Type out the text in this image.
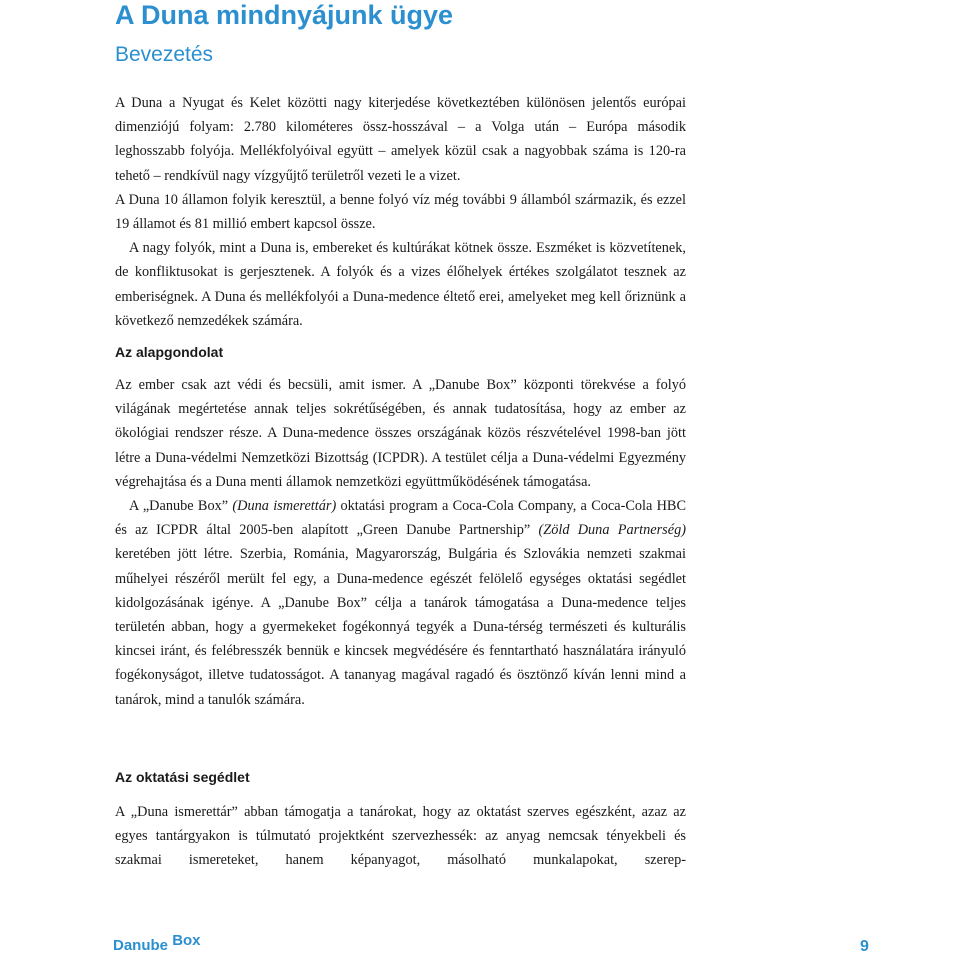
A Duna mindnyájunk ügye
Bevezetés

A Duna a Nyugat és Kelet közötti nagy kiterjedése következtében különösen jelentős európai dimenziójú folyam: 2.780 kilométeres össz-hosszával – a Volga után – Európa második leghosszabb folyója. Mellékfolyóival együtt – amelyek közül csak a nagyobbak száma is 120-ra tehető – rendkívül nagy vízgyűjtő területről vezeti le a vizet.

A Duna 10 államon folyik keresztül, a benne folyó víz még további 9 államból származik, és ezzel 19 államot és 81 millió embert kapcsol össze.

A nagy folyók, mint a Duna is, embereket és kultúrákat kötnek össze. Eszméket is közvetítenek, de konfliktusokat is gerjesztenek. A folyók és a vizes élőhelyek értékes szolgálatot tesznek az emberiségnek. A Duna és mellékfolyói a Duna-medence éltető erei, amelyeket meg kell őriznünk a következő nemzedékek számára.

Az alapgondolat

Az ember csak azt védi és becsüli, amit ismer. A „Danube Box” központi törekvése a folyó világának megértetése annak teljes sokrétűségében, és annak tudatosítása, hogy az ember az ökológiai rendszer része. A Duna-medence összes országának közös részvételével 1998-ban jött létre a Duna-védelmi Nemzetközi Bizottság (ICPDR). A testület célja a Duna-védelmi Egyezmény végrehajtása és a Duna menti államok nemzetközi együttműködésének támogatása.

A „Danube Box” (Duna ismerettár) oktatási program a Coca-Cola Company, a Coca-Cola HBC és az ICPDR által 2005-ben alapított „Green Danube Partnership” (Zöld Duna Partnerség) keretében jött létre. Szerbia, Románia, Magyarország, Bulgária és Szlovákia nemzeti szakmai műhelyei részéről merült fel egy, a Duna-medence egészét felölelő egységes oktatási segédlet kidolgozásának igénye. A „Danube Box” célja a tanárok támogatása a Duna-medence teljes területén abban, hogy a gyermekeket fogékonnyá tegyék a Duna-térség természeti és kulturális kincsei iránt, és felébresszék bennük e kincsek megvédésére és fenntartható használatára irányuló fogékonyságot, illetve tudatosságot. A tananyag magával ragadó és ösztönző kíván lenni mind a tanárok, mind a tanulók számára.

Az oktatási segédlet

A „Duna ismerettár” abban támogatja a tanárokat, hogy az oktatást szerves egészként, azaz az egyes tantárgyakon is túlmutató projektként szervezhessék: az anyag nemcsak tényekbeli és szakmai ismereteket, hanem képanyagot, másolható munkalapokat, szerep-

Danube Box	9
